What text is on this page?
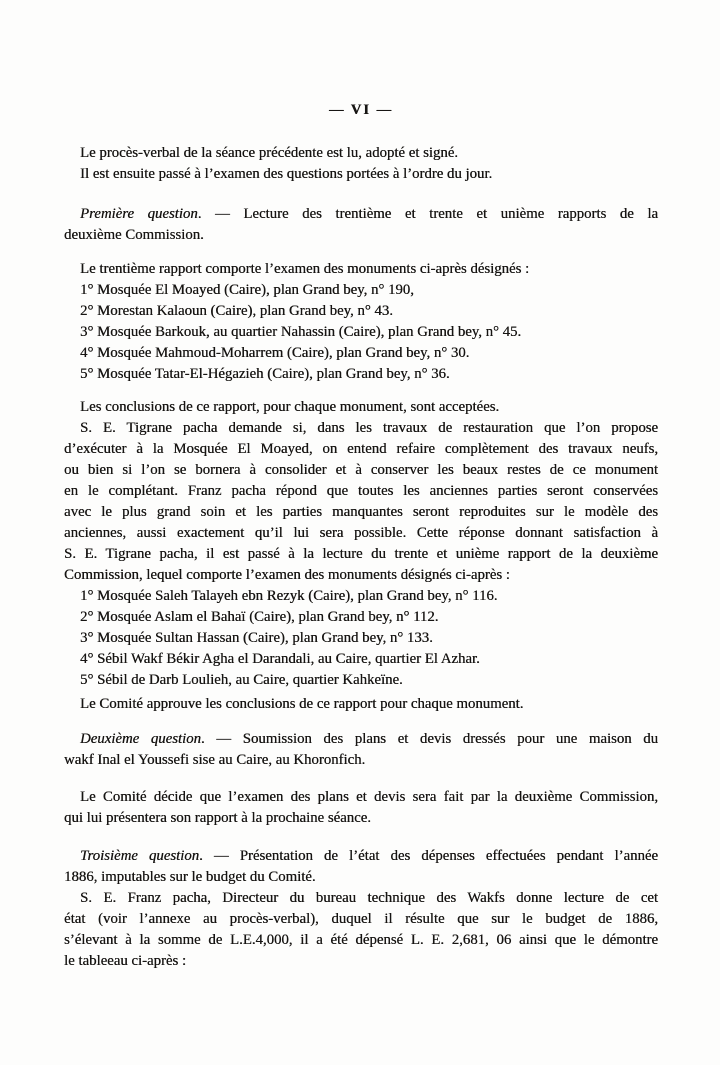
— VI —
Le procès-verbal de la séance précédente est lu, adopté et signé.
Il est ensuite passé à l’examen des questions portées à l’ordre du jour.
Première question. — Lecture des trentième et trente et unième rapports de la
deuxième Commission.
Le trentième rapport comporte l’examen des monuments ci-après désignés :
1° Mosquée El Moayed (Caire), plan Grand bey, n° 190,
2° Morestan Kalaoun (Caire), plan Grand bey, n° 43.
3° Mosquée Barkouk, au quartier Nahassin (Caire), plan Grand bey, n° 45.
4° Mosquée Mahmoud-Moharrem (Caire), plan Grand bey, n° 30.
5° Mosquée Tatar-El-Hégazieh (Caire), plan Grand bey, n° 36.
Les conclusions de ce rapport, pour chaque monument, sont acceptées.
S. E. Tigrane pacha demande si, dans les travaux de restauration que l’on propose
d’exécuter à la Mosquée El Moayed, on entend refaire complètement des travaux neufs,
ou bien si l’on se bornera à consolider et à conserver les beaux restes de ce monument
en le complétant. Franz pacha répond que toutes les anciennes parties seront conservées
avec le plus grand soin et les parties manquantes seront reproduites sur le modèle des
anciennes, aussi exactement qu’il lui sera possible. Cette réponse donnant satisfaction à
S. E. Tigrane pacha, il est passé à la lecture du trente et unième rapport de la deuxième
Commission, lequel comporte l’examen des monuments désignés ci-après :
1° Mosquée Saleh Talayeh ebn Rezyk (Caire), plan Grand bey, n° 116.
2° Mosquée Aslam el Bahaï (Caire), plan Grand bey, n° 112.
3° Mosquée Sultan Hassan (Caire), plan Grand bey, n° 133.
4° Sébil Wakf Békir Agha el Darandali, au Caire, quartier El Azhar.
5° Sébil de Darb Loulieh, au Caire, quartier Kahkeïne.
Le Comité approuve les conclusions de ce rapport pour chaque monument.
Deuxième question. — Soumission des plans et devis dressés pour une maison du
wakf Inal el Youssefi sise au Caire, au Khoronfich.
Le Comité décide que l’examen des plans et devis sera fait par la deuxième Commission,
qui lui présentera son rapport à la prochaine séance.
Troisième question. — Présentation de l’état des dépenses effectuées pendant l’année
1886, imputables sur le budget du Comité.
S. E. Franz pacha, Directeur du bureau technique des Wakfs donne lecture de cet
état (voir l’annexe au procès-verbal), duquel il résulte que sur le budget de 1886,
s’élevant à la somme de L.E.4,000, il a été dépensé L. E. 2,681, 06 ainsi que le démontre
le tableeau ci-après :
